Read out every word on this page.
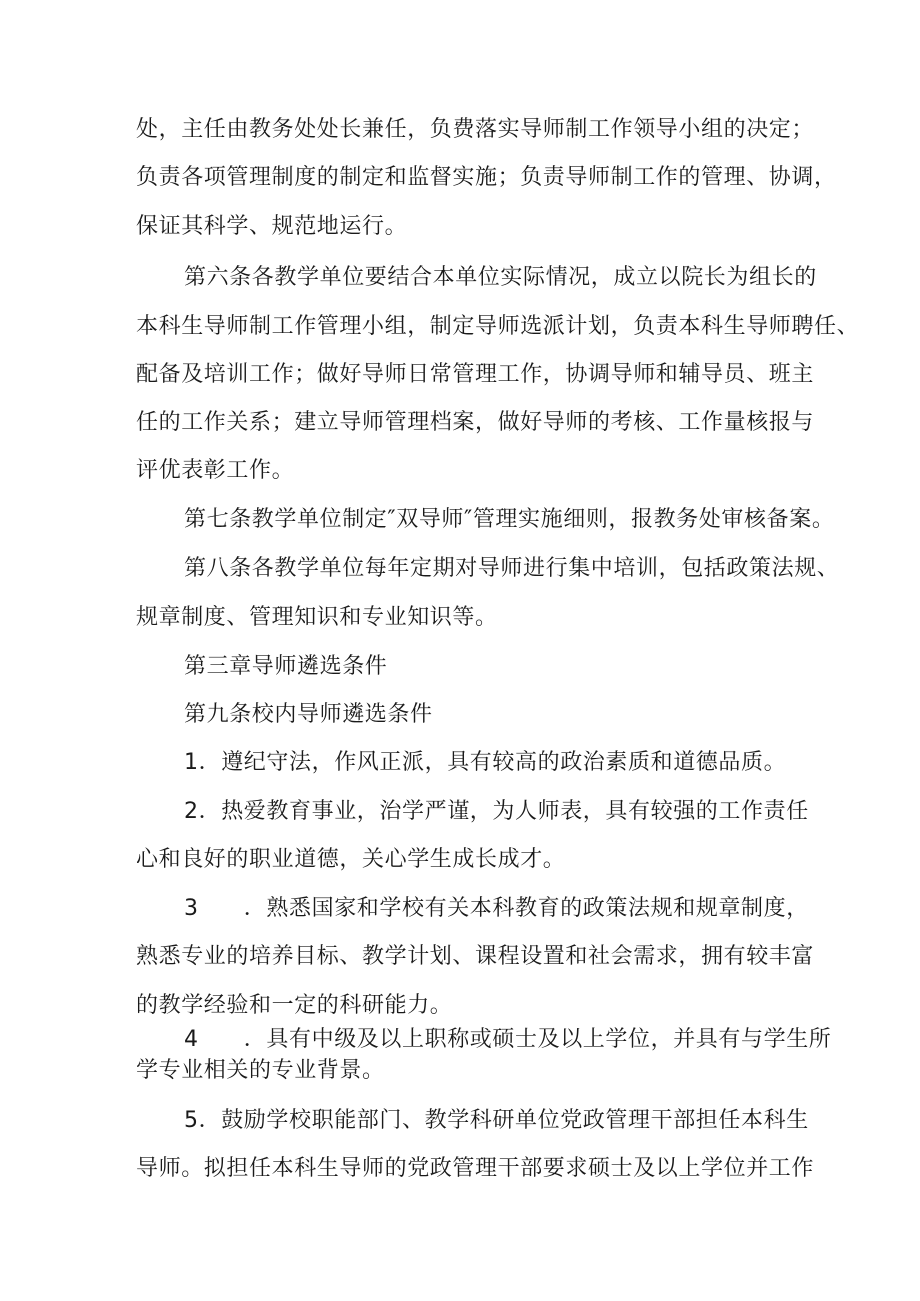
处，主任由教务处处长兼任，负费落实导师制工作领导小组的决定；
负责各项管理制度的制定和监督实施；负责导师制工作的管理、协调，
保证其科学、规范地运行。
第六条各教学单位要结合本单位实际情况，成立以院长为组长的
本科生导师制工作管理小组，制定导师选派计划，负责本科生导师聘任、
配备及培训工作；做好导师日常管理工作，协调导师和辅导员、班主
任的工作关系；建立导师管理档案，做好导师的考核、工作量核报与
评优表彰工作。
第七条教学单位制定″双导师″管理实施细则，报教务处审核备案。
第八条各教学单位每年定期对导师进行集中培训，包括政策法规、
规章制度、管理知识和专业知识等。
第三章导师遴选条件
第九条校内导师遴选条件
1．遵纪守法，作风正派，具有较高的政治素质和道德品质。
2．热爱教育事业，治学严谨，为人师表，具有较强的工作责任
心和良好的职业道德，关心学生成长成才。
3　　．熟悉国家和学校有关本科教育的政策法规和规章制度，
熟悉专业的培养目标、教学计划、课程设置和社会需求，拥有较丰富
的教学经验和一定的科研能力。
4　　．具有中级及以上职称或硕士及以上学位，并具有与学生所
学专业相关的专业背景。
5．鼓励学校职能部门、教学科研单位党政管理干部担任本科生
导师。拟担任本科生导师的党政管理干部要求硕士及以上学位并工作
